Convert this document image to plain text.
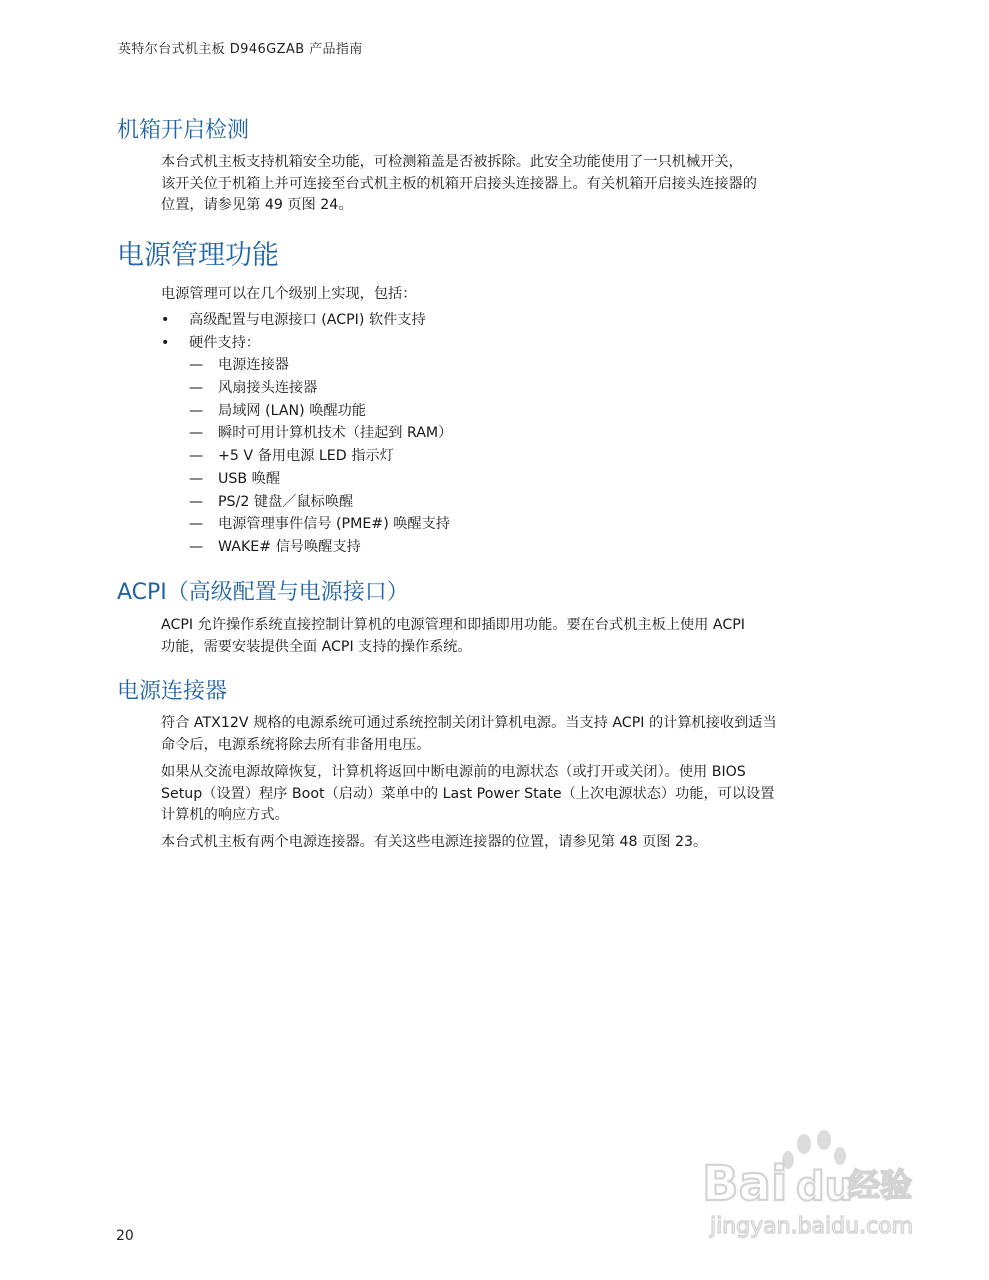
英特尔台式机主板 D946GZAB 产品指南
机箱开启检测
本台式机主板支持机箱安全功能，可检测箱盖是否被拆除。此安全功能使用了一只机械开关，
该开关位于机箱上并可连接至台式机主板的机箱开启接头连接器上。有关机箱开启接头连接器的
位置，请参见第 49 页图 24。
电源管理功能
电源管理可以在几个级别上实现，包括：
• 高级配置与电源接口 (ACPI) 软件支持
• 硬件支持：
— 电源连接器
— 风扇接头连接器
— 局域网 (LAN) 唤醒功能
— 瞬时可用计算机技术（挂起到 RAM）
— +5 V 备用电源 LED 指示灯
— USB 唤醒
— PS/2 键盘／鼠标唤醒
— 电源管理事件信号 (PME#) 唤醒支持
— WAKE# 信号唤醒支持
ACPI（高级配置与电源接口）
ACPI 允许操作系统直接控制计算机的电源管理和即插即用功能。要在台式机主板上使用 ACPI
功能，需要安装提供全面 ACPI 支持的操作系统。
电源连接器
符合 ATX12V 规格的电源系统可通过系统控制关闭计算机电源。当支持 ACPI 的计算机接收到适当
命令后，电源系统将除去所有非备用电压。
如果从交流电源故障恢复，计算机将返回中断电源前的电源状态（或打开或关闭）。使用 BIOS
Setup（设置）程序 Boot（启动）菜单中的 Last Power State（上次电源状态）功能，可以设置
计算机的响应方式。
本台式机主板有两个电源连接器。有关这些电源连接器的位置，请参见第 48 页图 23。
20
Bai du
经验
jingyan.baidu.com
